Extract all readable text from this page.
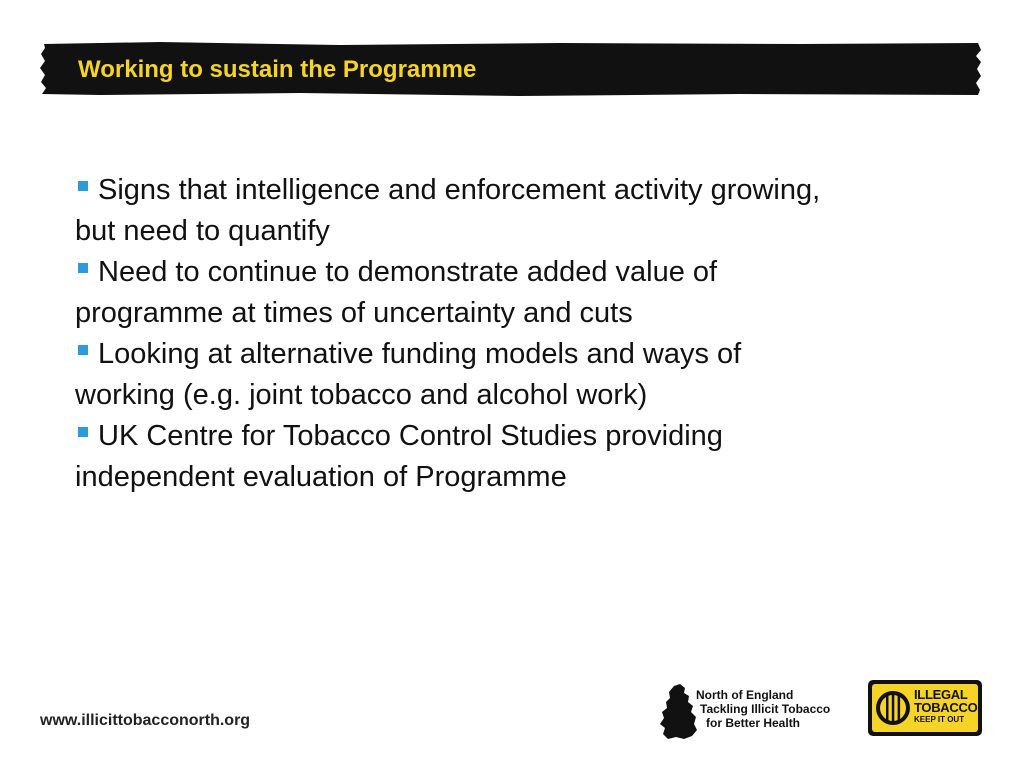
Working to sustain the Programme

Signs that intelligence and enforcement activity growing,
but need to quantify

Need to continue to demonstrate added value of
programme at times of uncertainty and cuts

Looking at alternative funding models and ways of
working (e.g. joint tobacco and alcohol work)

UK Centre for Tobacco Control Studies providing
independent evaluation of Programme

www.illicittobacconorth.org
North of England
Tackling Illicit Tobacco
for Better Health
ILLEGAL
TOBACCO
KEEP IT OUT
